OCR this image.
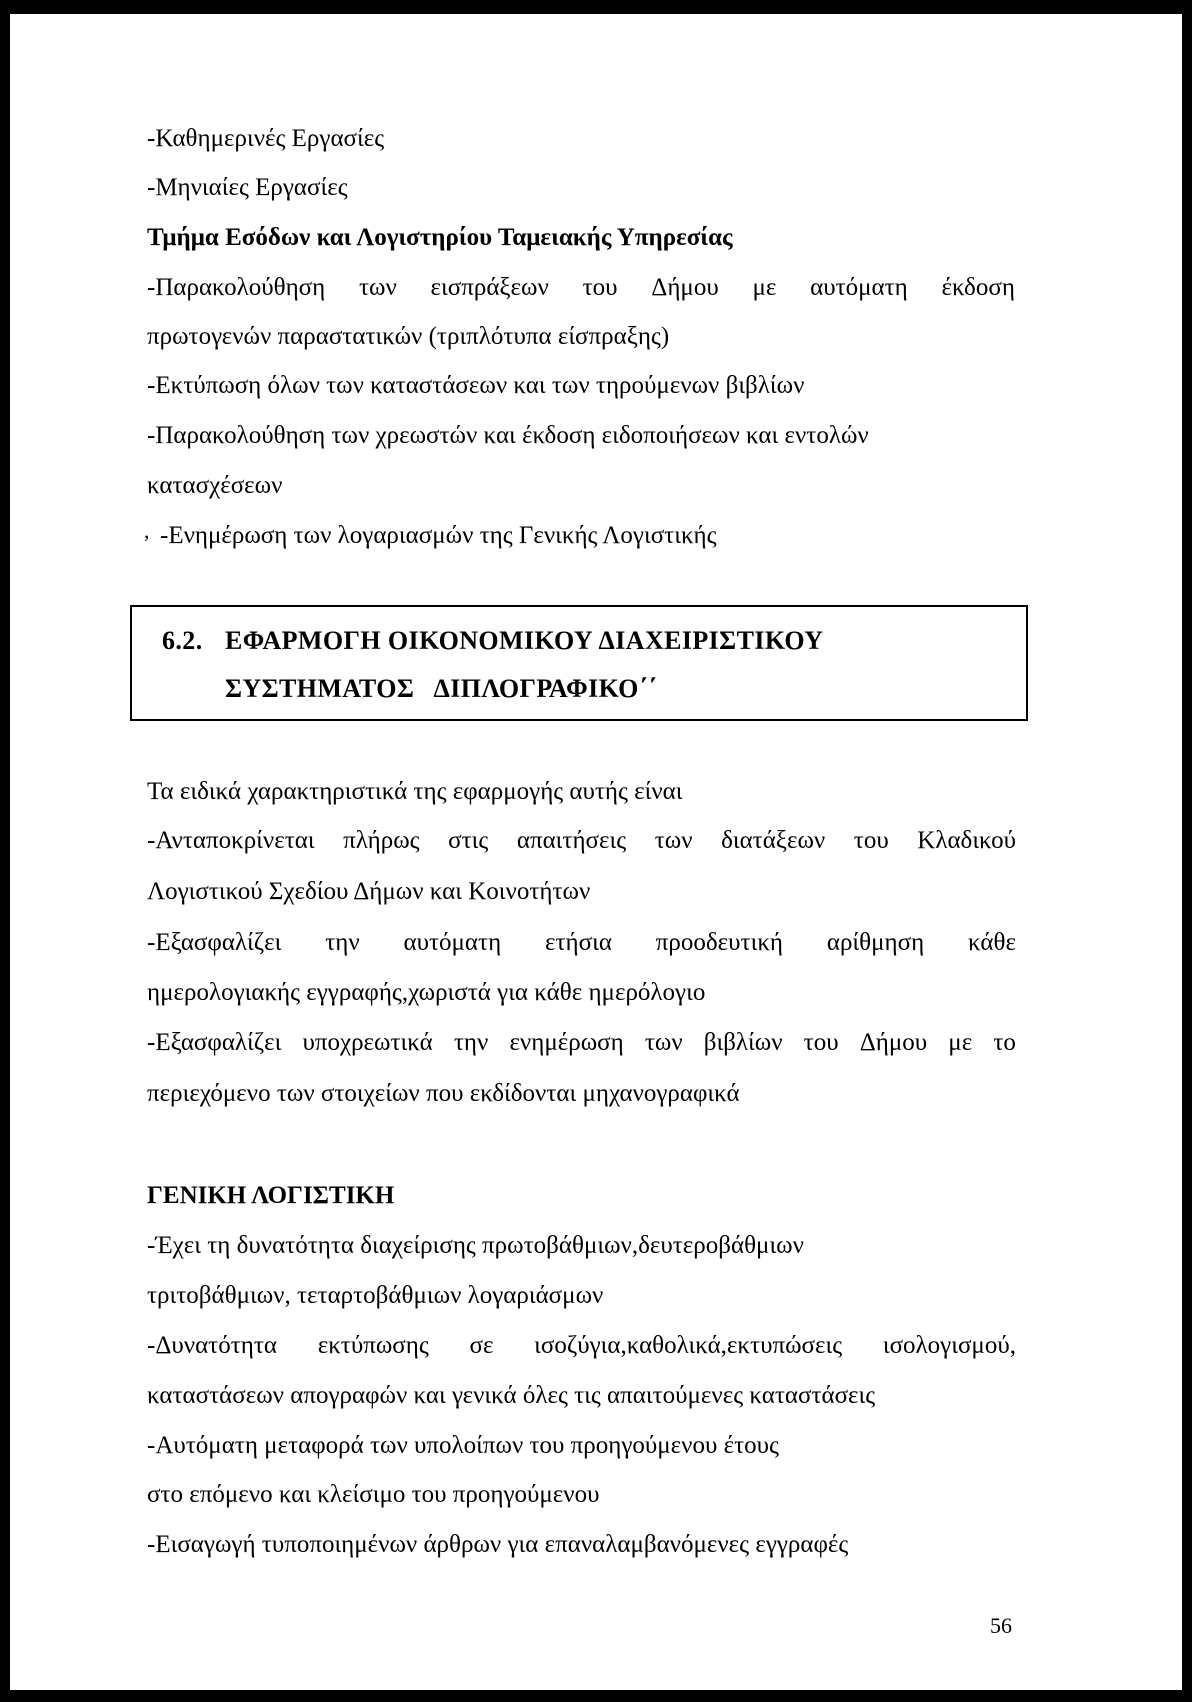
-Καθημερινές Εργασίες
-Μηνιαίες Εργασίες
Τμήμα Εσόδων και Λογιστηρίου Ταμειακής Υπηρεσίας
-Παρακολούθηση των εισπράξεων του Δήμου με αυτόματη έκδοση
πρωτογενών παραστατικών (τριπλότυπα είσπραξης)
-Εκτύπωση όλων των καταστάσεων και των τηρούμενων βιβλίων
-Παρακολούθηση των χρεωστών και έκδοση ειδοποιήσεων και εντολών
κατασχέσεων
, -Ενημέρωση των λογαριασμών της Γενικής Λογιστικής
6.2. ΕΦΑΡΜΟΓΗ ΟΙΚΟΝΟΜΙΚΟΥ ΔΙΑΧΕΙΡΙΣΤΙΚΟΥ
ΣΥΣΤΗΜΑΤΟΣ   ΔΙΠΛΟΓΡΑΦΙΚΟ΄΄
Τα ειδικά χαρακτηριστικά της εφαρμογής αυτής είναι
-Ανταποκρίνεται πλήρως στις απαιτήσεις των διατάξεων του Κλαδικού
Λογιστικού Σχεδίου Δήμων και Κοινοτήτων
-Εξασφαλίζει την αυτόματη ετήσια προοδευτική αρίθμηση κάθε
ημερολογιακής εγγραφής,χωριστά για κάθε ημερόλογιο
-Εξασφαλίζει υποχρεωτικά την ενημέρωση των βιβλίων του Δήμου με το
περιεχόμενο των στοιχείων που εκδίδονται μηχανογραφικά
ΓΕΝΙΚΗ ΛΟΓΙΣΤΙΚΗ
-Έχει τη δυνατότητα διαχείρισης πρωτοβάθμιων,δευτεροβάθμιων
τριτοβάθμιων, τεταρτοβάθμιων λογαριάσμων
-Δυνατότητα εκτύπωσης σε ισοζύγια,καθολικά,εκτυπώσεις ισολογισμού,
καταστάσεων απογραφών και γενικά όλες τις απαιτούμενες καταστάσεις
-Αυτόματη μεταφορά των υπολοίπων του προηγούμενου έτους
στο επόμενο και κλείσιμο του προηγούμενου
-Εισαγωγή τυποποιημένων άρθρων για επαναλαμβανόμενες εγγραφές
56
